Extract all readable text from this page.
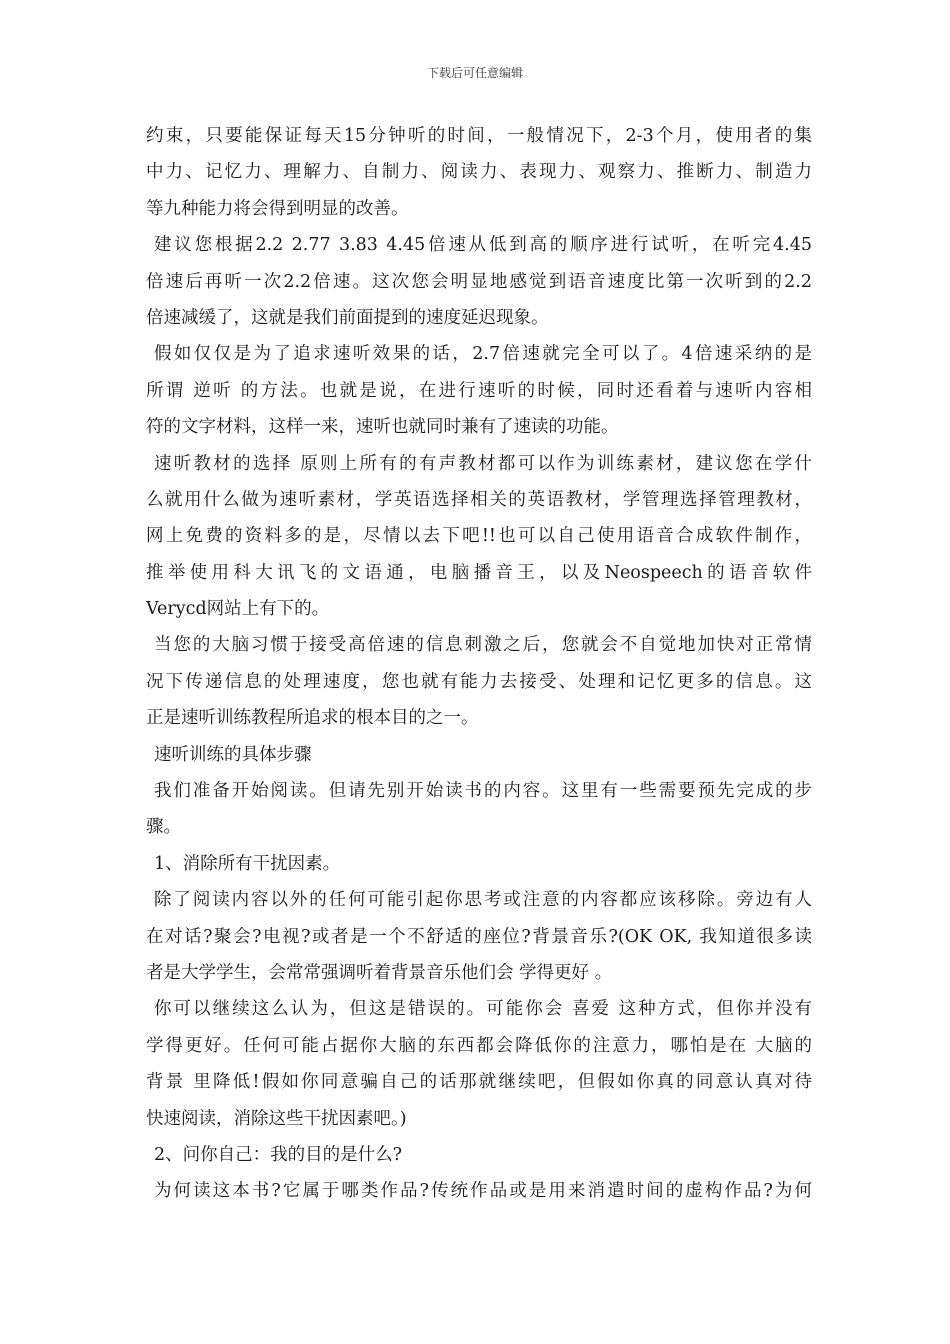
下载后可任意编辑
约束，只要能保证每天15分钟听的时间，一般情况下，2-3个月，使用者的集
中力、记忆力、理解力、自制力、阅读力、表现力、观察力、推断力、制造力
等九种能力将会得到明显的改善。
建议您根据2.2 2.77 3.83 4.45倍速从低到高的顺序进行试听，在听完4.45
倍速后再听一次2.2倍速。这次您会明显地感觉到语音速度比第一次听到的2.2
倍速减缓了，这就是我们前面提到的速度延迟现象。
假如仅仅是为了追求速听效果的话，2.7倍速就完全可以了。4倍速采纳的是
所谓 逆听 的方法。也就是说，在进行速听的时候，同时还看着与速听内容相
符的文字材料，这样一来，速听也就同时兼有了速读的功能。
速听教材的选择 原则上所有的有声教材都可以作为训练素材，建议您在学什
么就用什么做为速听素材，学英语选择相关的英语教材，学管理选择管理教材，
网上免费的资料多的是，尽情以去下吧!!也可以自己使用语音合成软件制作，
推举使用科大讯飞的文语通，电脑播音王，以及Neospeech的语音软件
Verycd网站上有下的。
当您的大脑习惯于接受高倍速的信息刺激之后，您就会不自觉地加快对正常情
况下传递信息的处理速度，您也就有能力去接受、处理和记忆更多的信息。这
正是速听训练教程所追求的根本目的之一。
速听训练的具体步骤
我们准备开始阅读。但请先别开始读书的内容。这里有一些需要预先完成的步
骤。
1、消除所有干扰因素。
除了阅读内容以外的任何可能引起你思考或注意的内容都应该移除。旁边有人
在对话?聚会?电视?或者是一个不舒适的座位?背景音乐?(OK OK, 我知道很多读
者是大学学生，会常常强调听着背景音乐他们会 学得更好 。
你可以继续这么认为，但这是错误的。可能你会 喜爱 这种方式，但你并没有
学得更好。任何可能占据你大脑的东西都会降低你的注意力，哪怕是在 大脑的
背景 里降低!假如你同意骗自己的话那就继续吧，但假如你真的同意认真对待
快速阅读，消除这些干扰因素吧。)
2、问你自己：我的目的是什么?
为何读这本书?它属于哪类作品?传统作品或是用来消遣时间的虚构作品?为何
